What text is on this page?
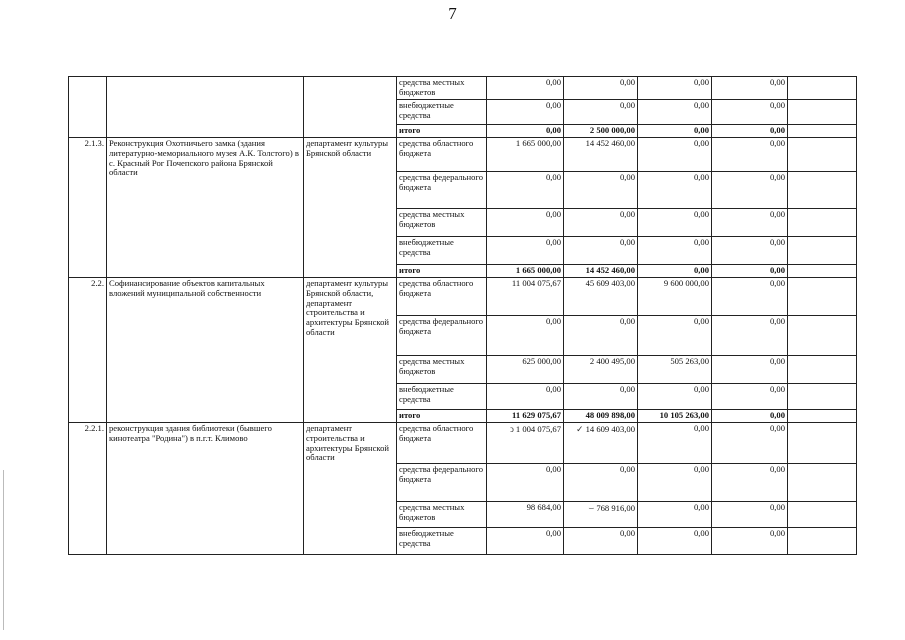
7
			средства местных бюджетов	0,00	0,00	0,00	0,00	
			внебюджетные средства	0,00	0,00	0,00	0,00	
			итого	0,00	2 500 000,00	0,00	0,00	
2.1.3.	Реконструкция Охотничьего замка (здания литературно-мемориального музея А.К. Толстого) в с. Красный Рог Почепского района Брянской области	департамент культуры Брянской области	средства областного бюджета	1 665 000,00	14 452 460,00	0,00	0,00	
			средства федерального бюджета	0,00	0,00	0,00	0,00	
			средства местных бюджетов	0,00	0,00	0,00	0,00	
			внебюджетные средства	0,00	0,00	0,00	0,00	
			итого	1 665 000,00	14 452 460,00	0,00	0,00	
2.2.	Софинансирование объектов капитальных вложений муниципальной собственности	департамент культуры Брянской области, департамент строительства и архитектуры Брянской области	средства областного бюджета	11 004 075,67	45 609 403,00	9 600 000,00	0,00	
			средства федерального бюджета	0,00	0,00	0,00	0,00	
			средства местных бюджетов	625 000,00	2 400 495,00	505 263,00	0,00	
			внебюджетные средства	0,00	0,00	0,00	0,00	
			итого	11 629 075,67	48 009 898,00	10 105 263,00	0,00	
2.2.1.	реконструкция здания библиотеки (бывшего кинотеатра "Родина") в п.г.т. Климово	департамент строительства и архитектуры Брянской области	средства областного бюджета	ↄ 1 004 075,67	✓ 14 609 403,00	0,00	0,00	
			средства федерального бюджета	0,00	0,00	0,00	0,00	
			средства местных бюджетов	98 684,00	⌣ 768 916,00	0,00	0,00	
			внебюджетные средства	0,00	0,00	0,00	0,00	
